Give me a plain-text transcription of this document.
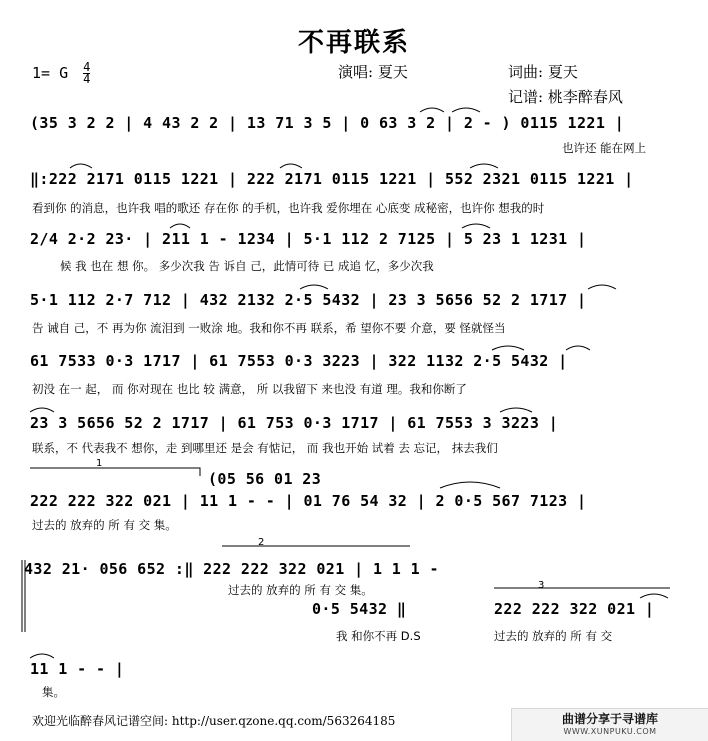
不再联系
1= G $\frac{4}{4}$	演唱: 夏天	词曲: 夏天
记谱: 桃李醉春风
(35 3 2 2 | 4 43 2 2 | 13 71 3 5 | 0 63 3 2 | 2 - ) 0115 1221 |
也许还 能在网上
‖:222 2171 0115 1221 | 222 2171 0115 1221 | 552 2321 0115 1221 |
看到你 的消息，也许我 唱的歌还 存在你 的手机，也许我 爱你埋在 心底变 成秘密，也许你 想我的时
2/4 2·2 23· | 211 1 - 1234 | 5·1 112 2 7125 | 5 23 1 1231 |
候 我 也在 想 你。 多少次我 告 诉自 己，此情可待 已 成追 忆，多少次我
5·1 112 2·7 712 | 432 2132 2·5 5432 | 23 3 5656 52 2 1717 |
告 诫自 己，不 再为你 流泪到 一败涂 地。我和你不再 联系，希 望你不要 介意，要 怪就怪当
61 7533 0·3 1717 | 61 7553 0·3 3223 | 322 1132 2·5 5432 |
初没 在一 起， 而 你对现在 也比 较 满意， 所 以我留下 来也没 有道 理。我和你断了
23 3 5656 52 2 1717 | 61 753 0·3 1717 | 61 7553 3 3223 |
联系，不 代表我不 想你，走 到哪里还 是会 有惦记， 而 我也开始 试着 去 忘记， 抹去我们
1
(05 56 01 23
222 222 322 021 | 11 1 - - | 01 76 54 32 | 2 0·5 567 7123 |
过去的 放弃的 所 有 交 集。
2
432 21· 056 652 :‖ 222 222 322 021 | 1 1 1 -
过去的 放弃的 所 有 交 集。	3
0·5 5432 ‖
我 和你不再 D.S
222 222 322 021 |
过去的 放弃的 所 有 交
11 1 - - |
集。
欢迎光临醉春风记谱空间: http://user.qzone.qq.com/563264185	曲谱分享于寻谱库
WWW.XUNPUKU.COM
